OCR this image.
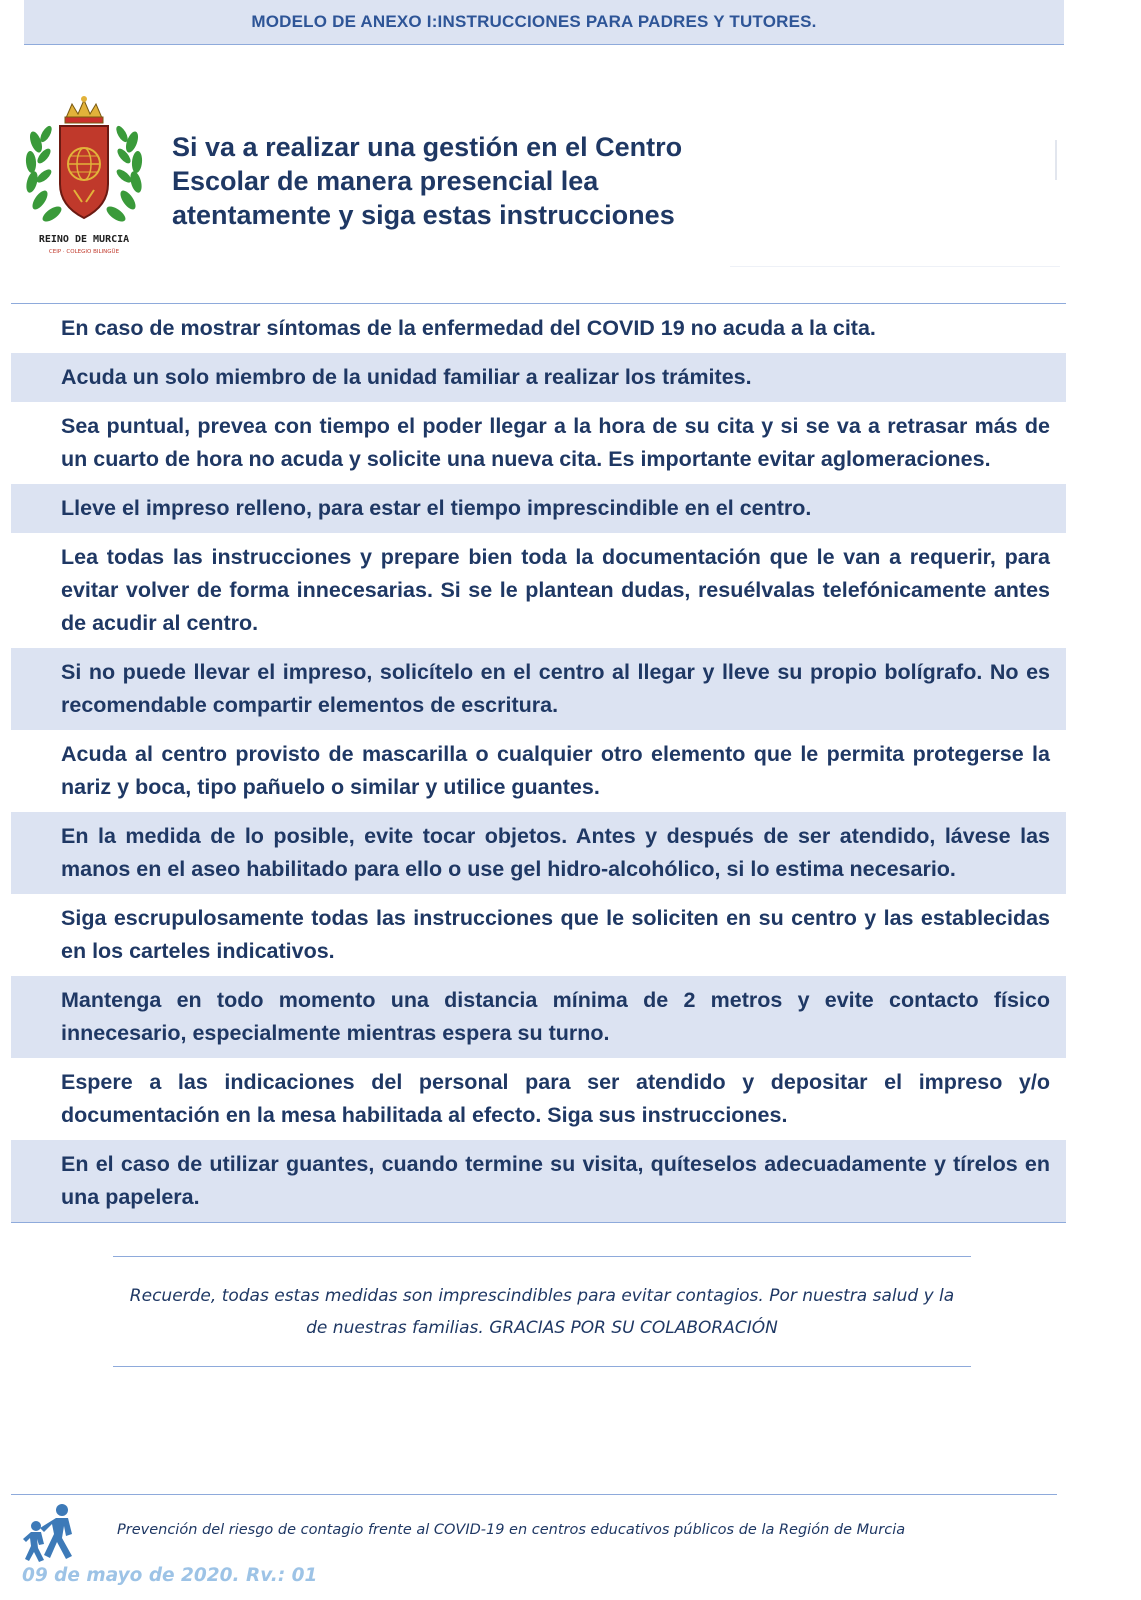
MODELO DE ANEXO I:INSTRUCCIONES PARA PADRES Y TUTORES.
REINO DE MURCIA
CEIP · COLEGIO BILINGÜE
Si va a realizar una gestión en el Centro Escolar de manera presencial lea atentamente y siga estas instrucciones
En caso de mostrar síntomas de la enfermedad del COVID 19 no acuda a la cita.
Acuda un solo miembro de la unidad familiar a realizar los trámites.
Sea puntual, prevea con tiempo el poder llegar a la hora de su cita y si se va a retrasar más de un cuarto de hora no acuda y solicite una nueva cita. Es importante evitar aglomeraciones.
Lleve el impreso relleno, para estar el tiempo imprescindible en el centro.
Lea todas las instrucciones y prepare bien toda la documentación que le van a requerir, para evitar volver de forma innecesarias. Si se le plantean dudas, resuélvalas telefónicamente antes de acudir al centro.
Si no puede llevar el impreso, solicítelo en el centro al llegar y lleve su propio bolígrafo. No es recomendable compartir elementos de escritura.
Acuda al centro provisto de mascarilla o cualquier otro elemento que le permita protegerse la nariz y boca, tipo pañuelo o similar y utilice guantes.
En la medida de lo posible, evite tocar objetos. Antes y después de ser atendido, lávese las manos en el aseo habilitado para ello o use gel hidro-alcohólico, si lo estima necesario.
Siga escrupulosamente todas las instrucciones que le soliciten en su centro y las establecidas en los carteles indicativos.
Mantenga en todo momento una distancia mínima de 2 metros y evite contacto físico innecesario, especialmente mientras espera su turno.
Espere a las indicaciones del personal para ser atendido y depositar el impreso y/o documentación en la mesa habilitada al efecto. Siga sus instrucciones.
En el caso de utilizar guantes, cuando termine su visita, quíteselos adecuadamente y tírelos en una papelera.

Recuerde, todas estas medidas son imprescindibles para evitar contagios. Por nuestra salud y la de nuestras familias. GRACIAS POR SU COLABORACIÓN

Prevención del riesgo de contagio frente al COVID-19 en centros educativos públicos de la Región de Murcia
09 de mayo de 2020. Rv.: 01
